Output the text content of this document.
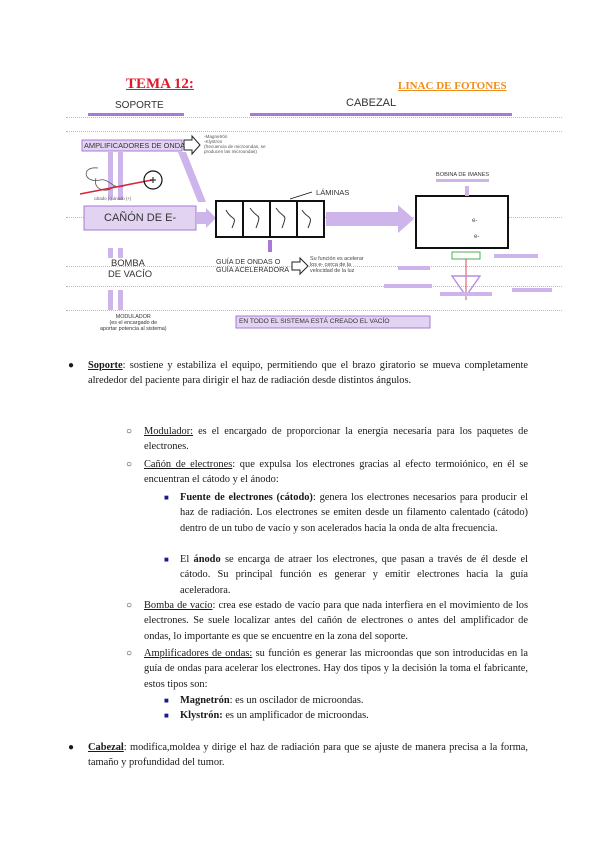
TEMA 12:	LINAC DE FOTONES
SOPORTE	CABEZAL
e-
e-
AMPLIFICADORES DE ONDA
-Magnetrón
-Klystron
(frecuencia de microondas, se producen las microondas)
cátodo (-) ánodo (+)
CAÑÓN DE E-
LÁMINAS
BOBINA DE IMANES
BOMBA
DE VACÍO
GUÍA DE ONDAS O
GUÍA ACELERADORA
Su función es acelerar
los e- cerca de la
velocidad de la luz
MODULADOR
(es el encargado de
aportar potencia al sistema)
EN TODO EL SISTEMA ESTÁ CREADO EL VACÍO
● Soporte: sostiene y estabiliza el equipo, permitiendo que el brazo giratorio se mueva completamente alrededor del paciente para dirigir el haz de radiación desde distintos ángulos.
○ Modulador: es el encargado de proporcionar la energía necesaria para los paquetes de electrones.
○ Cañón de electrones: que expulsa los electrones gracias al efecto termoiónico, en él se encuentran el cátodo y el ánodo:
■ Fuente de electrones (cátodo): genera los electrones necesarios para producir el haz de radiación. Los electrones se emiten desde un filamento calentado (cátodo) dentro de un tubo de vacío y son acelerados hacia la onda de alta frecuencia.
■ El ánodo se encarga de atraer los electrones, que pasan a través de él desde el cátodo. Su principal función es generar y emitir electrones hacia la guía aceleradora.
○ Bomba de vacío: crea ese estado de vacío para que nada interfiera en el movimiento de los electrones. Se suele localizar antes del cañón de electrones o antes del amplificador de ondas, lo importante es que se encuentre en la zona del soporte.
○ Amplificadores de ondas: su función es generar las microondas que son introducidas en la guía de ondas para acelerar los electrones. Hay dos tipos y la decisión la toma el fabricante, estos tipos son:
■ Magnetrón: es un oscilador de microondas.
■ Klystrón: es un amplificador de microondas.
● Cabezal: modifica,moldea y dirige el haz de radiación para que se ajuste de manera precisa a la forma, tamaño y profundidad del tumor.
